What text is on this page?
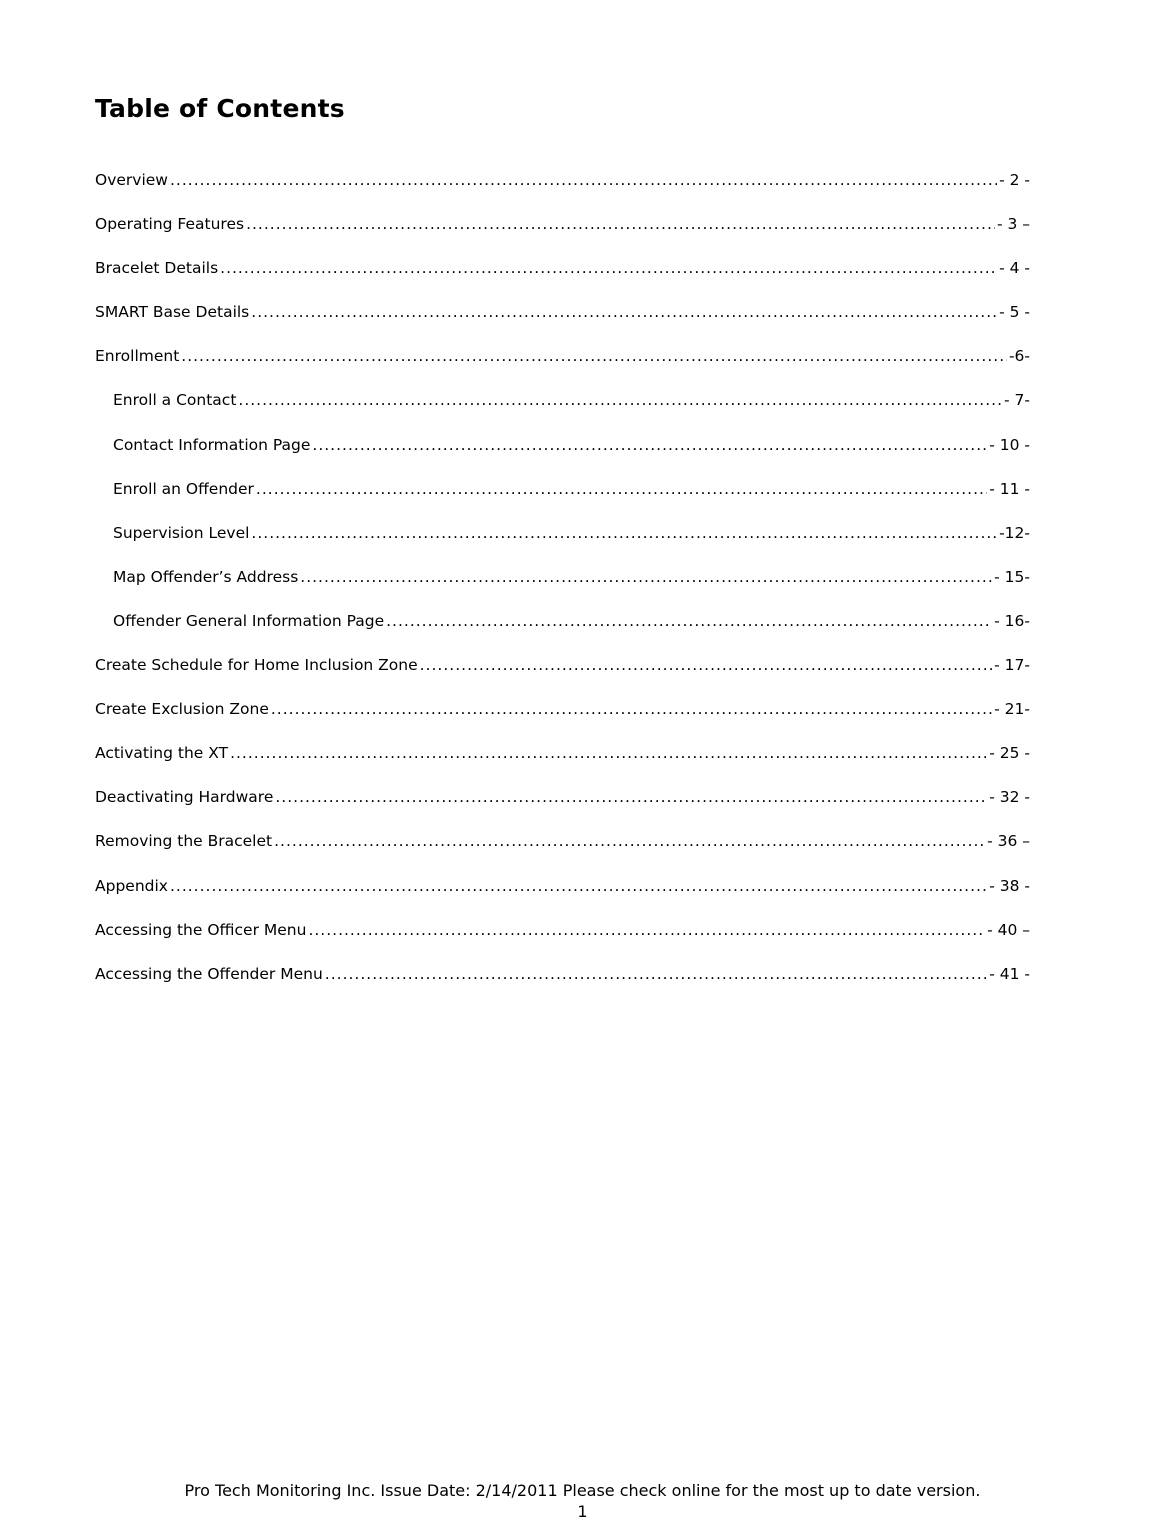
Table of Contents
Overview .....	- 2 -
Operating Features .....	- 3 –
Bracelet Details .....	- 4 -
SMART Base Details .....	- 5 -
Enrollment .....	-6-
Enroll a Contact .....	- 7-
Contact Information Page .....	- 10 -
Enroll an Offender .....	- 11 -
Supervision Level .....	-12-
Map Offender’s Address .....	- 15-
Offender General Information Page .....	- 16-
Create Schedule for Home Inclusion Zone .....	- 17-
Create Exclusion Zone .....	- 21-
Activating the XT .....	- 25 -
Deactivating Hardware .....	- 32 -
Removing the Bracelet .....	- 36 –
Appendix .....	- 38 -
Accessing the Officer Menu .....	- 40 –
Accessing the Offender Menu .....	- 41 -
Pro Tech Monitoring Inc. Issue Date: 2/14/2011 Please check online for the most up to date version.
1
